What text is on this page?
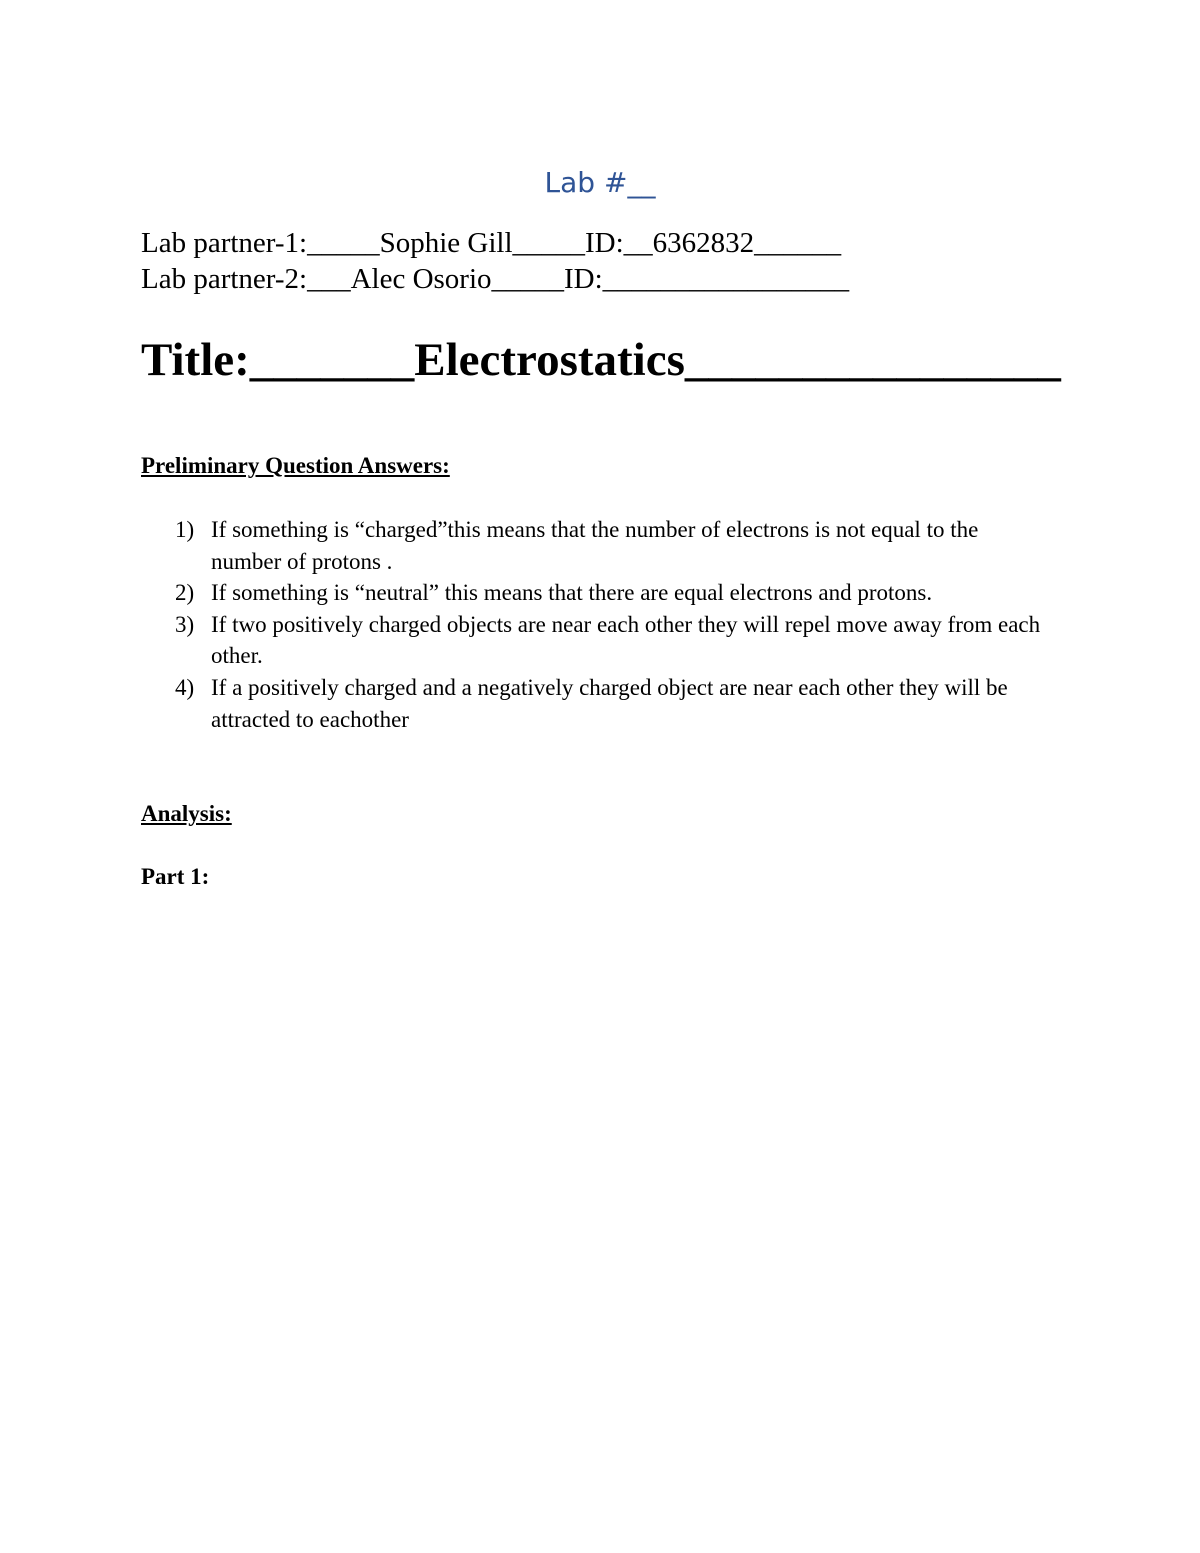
Lab #__
Lab partner-1:_____Sophie Gill_____ID:__6362832______
Lab partner-2:___Alec Osorio_____ID:_________________
Title:_______Electrostatics________________
Preliminary Question Answers:
1) If something is “charged”this means that the number of electrons is not equal to the number of protons .
2) If something is “neutral” this means that there are equal electrons and protons.
3) If two positively charged objects are near each other they will repel move away from each other.
4) If a positively charged and a negatively charged object are near each other they will be attracted to eachother
Analysis:
Part 1:
